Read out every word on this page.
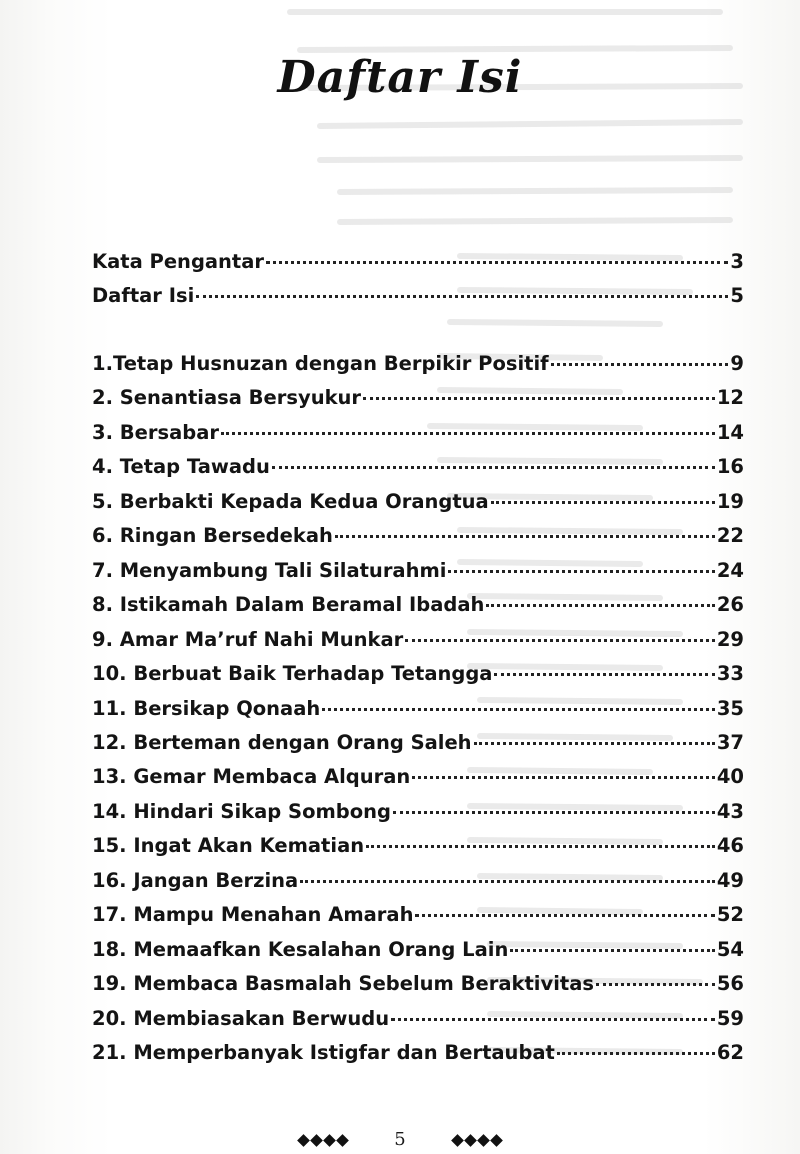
Daftar Isi
Kata Pengantar	3
Daftar Isi	5
1.Tetap Husnuzan dengan Berpikir Positif	9
2. Senantiasa Bersyukur	12
3. Bersabar	14
4. Tetap Tawadu	16
5. Berbakti Kepada Kedua Orangtua	19
6. Ringan Bersedekah	22
7. Menyambung Tali Silaturahmi	24
8. Istikamah Dalam Beramal Ibadah	26
9. Amar Ma’ruf Nahi Munkar	29
10. Berbuat Baik Terhadap Tetangga	33
11. Bersikap Qonaah	35
12. Berteman dengan Orang Saleh	37
13. Gemar Membaca Alquran	40
14. Hindari Sikap Sombong	43
15. Ingat Akan Kematian	46
16. Jangan Berzina	49
17. Mampu Menahan Amarah	52
18. Memaafkan Kesalahan Orang Lain	54
19. Membaca Basmalah Sebelum Beraktivitas	56
20. Membiasakan Berwudu	59
21. Memperbanyak Istigfar dan Bertaubat	62
5
